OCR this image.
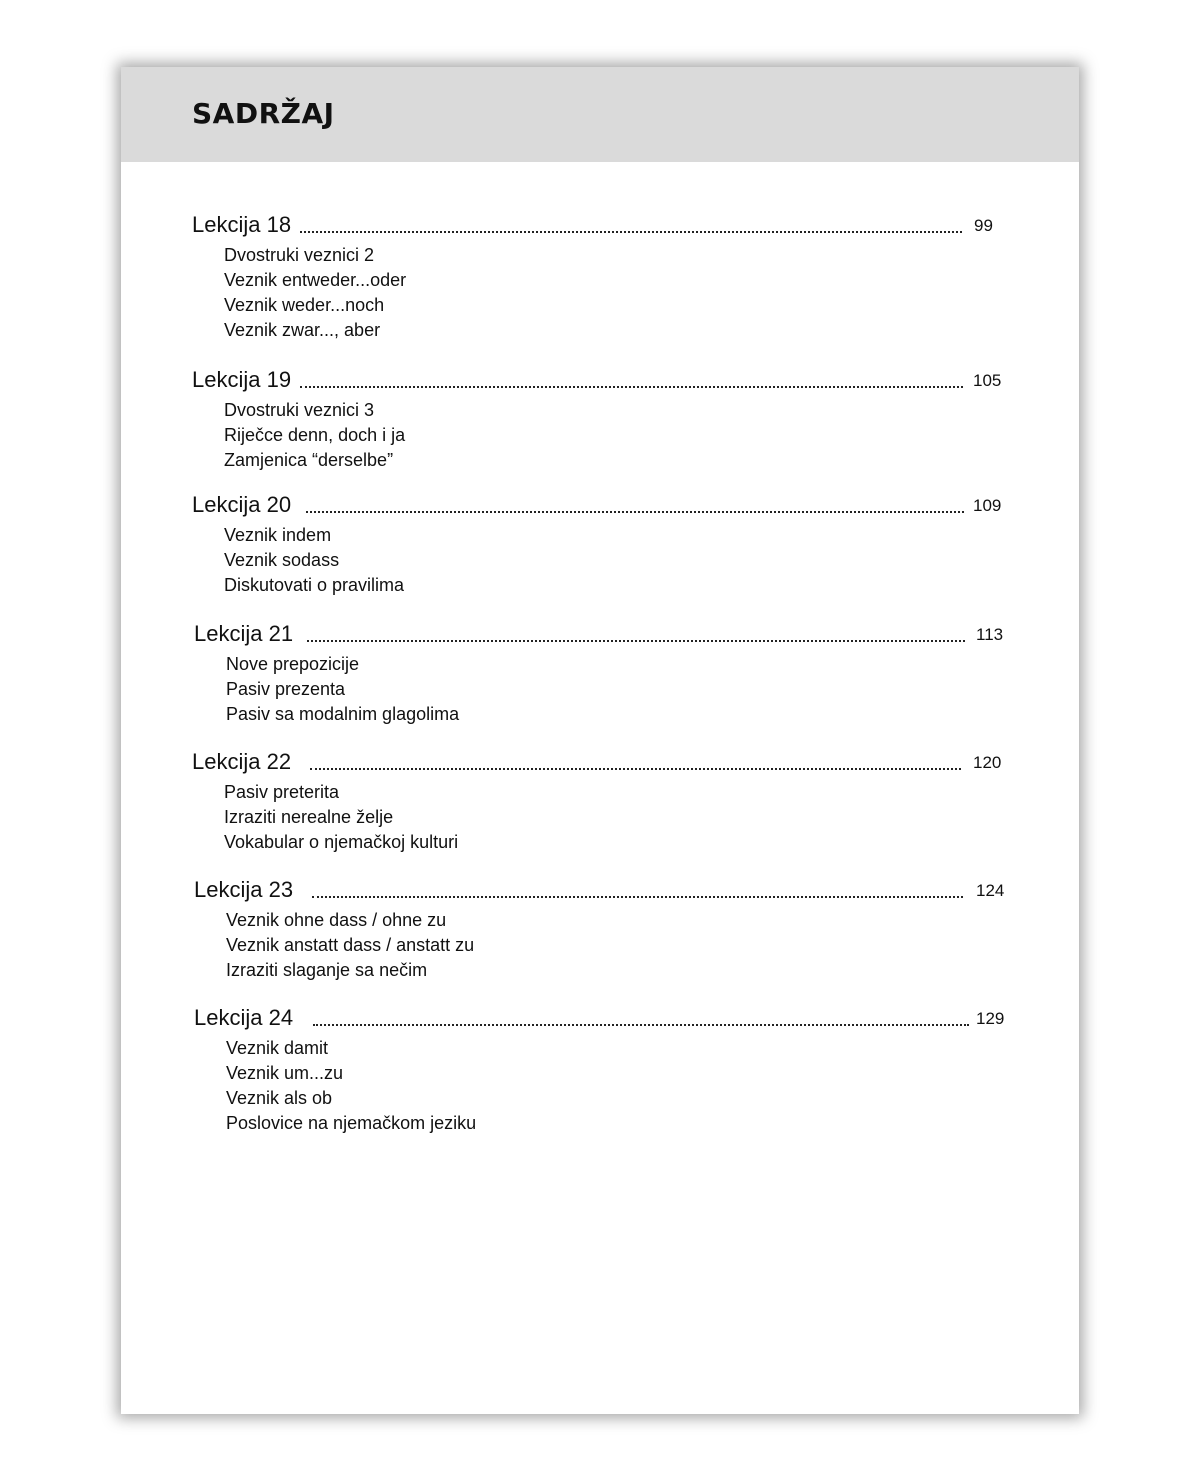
SADRŽAJ
Lekcija 18	99
Dvostruki veznici 2
Veznik entweder...oder
Veznik weder...noch
Veznik zwar..., aber
Lekcija 19	105
Dvostruki veznici 3
Riječce denn, doch i ja
Zamjenica “derselbe”
Lekcija 20	109
Veznik indem
Veznik sodass
Diskutovati o pravilima
Lekcija 21	113
Nove prepozicije
Pasiv prezenta
Pasiv sa modalnim glagolima
Lekcija 22	120
Pasiv preterita
Izraziti nerealne želje
Vokabular o njemačkoj kulturi
Lekcija 23	124
Veznik ohne dass / ohne zu
Veznik anstatt dass / anstatt zu
Izraziti slaganje sa nečim
Lekcija 24	129
Veznik damit
Veznik um...zu
Veznik als ob
Poslovice na njemačkom jeziku
